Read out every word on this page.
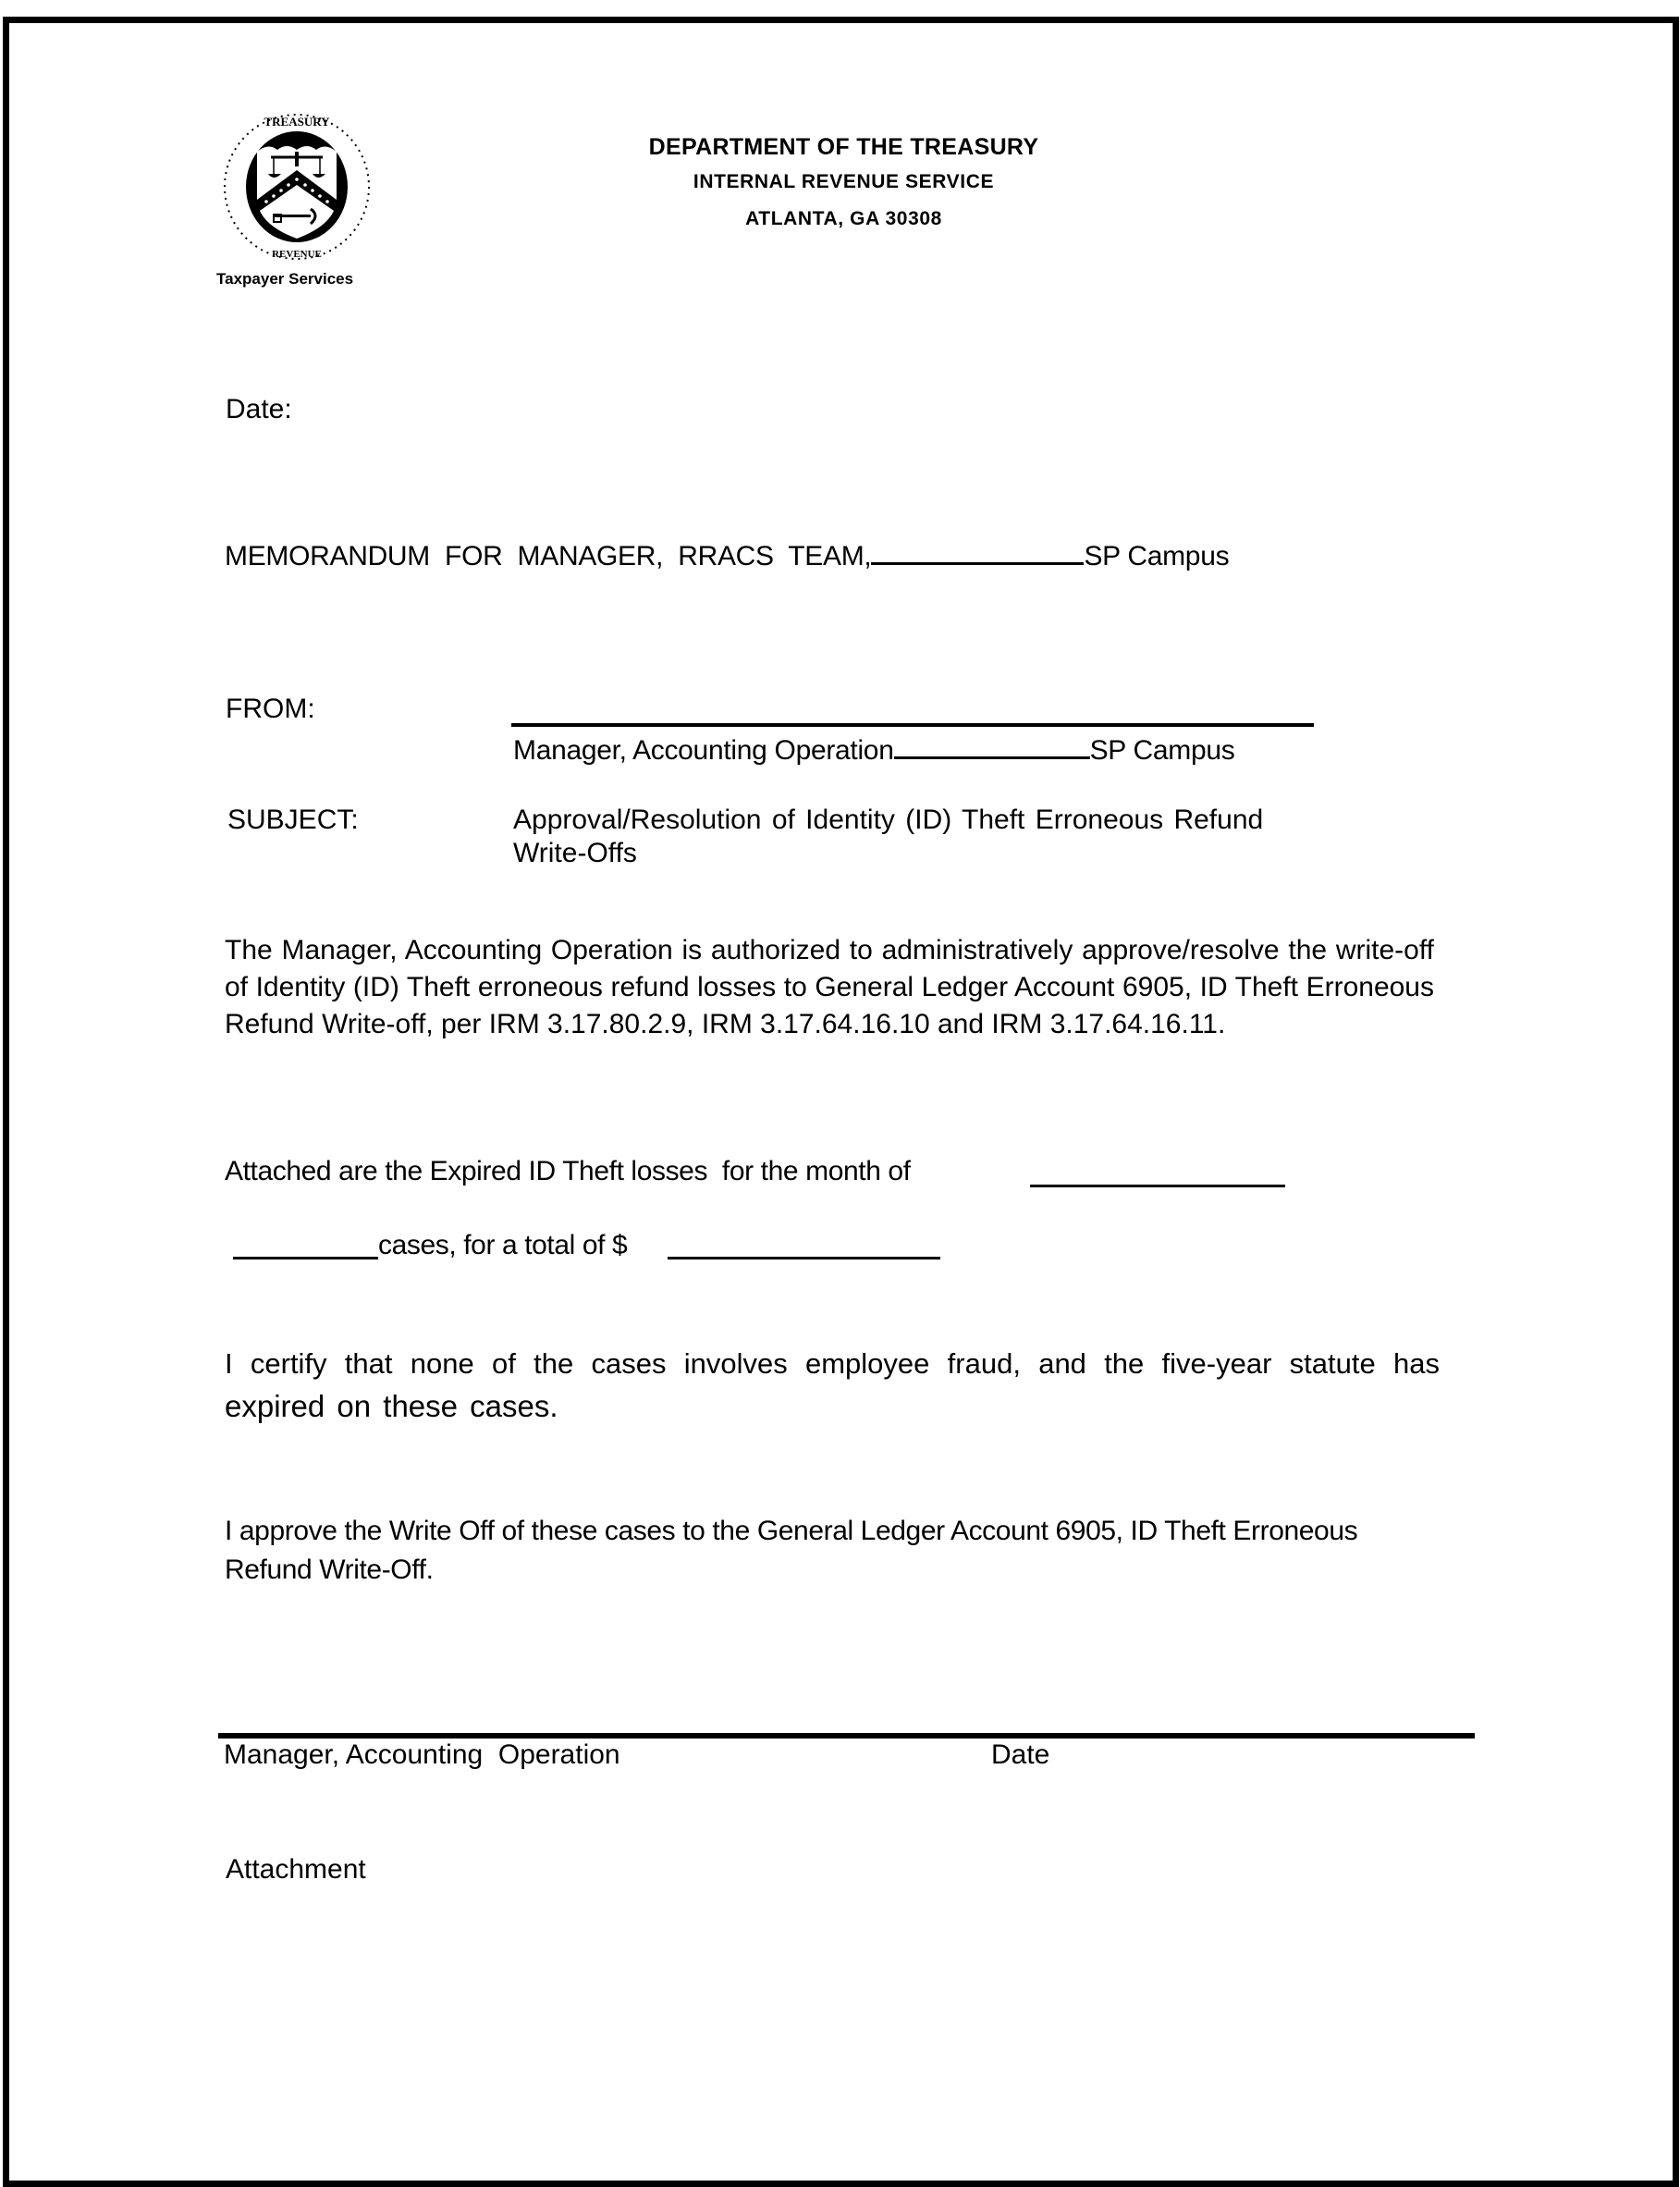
TREASURY
REVENUE
Taxpayer Services
DEPARTMENT OF THE TREASURY
INTERNAL REVENUE SERVICE
ATLANTA, GA 30308
Date:
MEMORANDUM  FOR  MANAGER,  RRACS  TEAM,	SP Campus
FROM:
Manager, Accounting Operation	SP Campus
SUBJECT:	Approval/Resolution of Identity (ID) Theft Erroneous Refund
Write-Offs
The Manager, Accounting Operation is authorized to administratively approve/resolve the write-off of Identity (ID) Theft erroneous refund losses to General Ledger Account 6905, ID Theft Erroneous Refund Write-off, per IRM 3.17.80.2.9, IRM 3.17.64.16.10 and IRM 3.17.64.16.11.
Attached are the Expired ID Theft losses  for the month of
cases, for a total of $
I certify that none of the cases involves employee fraud, and the five-year statute has expired on these cases.
I approve the Write Off of these cases to the General Ledger Account 6905, ID Theft Erroneous Refund Write-Off.
Manager, Accounting  Operation	Date
Attachment
